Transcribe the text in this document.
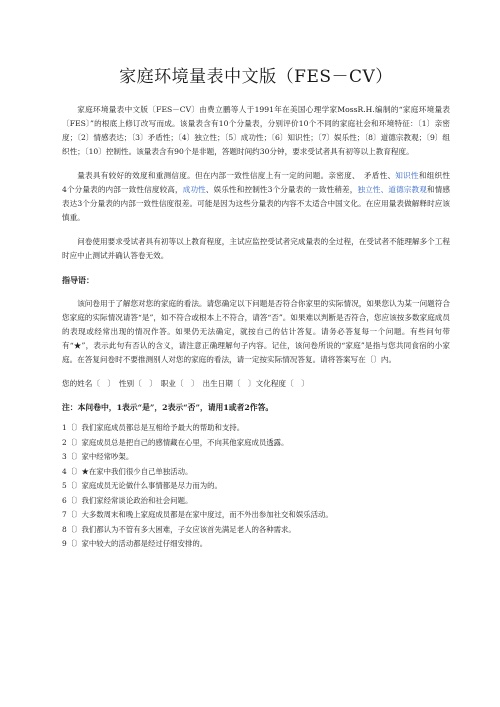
家庭环境量表中文版（FES－CV）

家庭环境量表中文版〔FES－CV〕由费立鹏等人于1991年在美国心理学家MossR.H.编制的“家庭环境量表〔FES〕”的根底上修订改写而成。该量表含有10个分量表，分别评价10个不同的家庭社会和环境特征：〔1〕亲密度；〔2〕情感表达；〔3〕矛盾性；〔4〕独立性；〔5〕成功性；〔6〕知识性；〔7〕娱乐性；〔8〕道德宗教观；〔9〕组织性；〔10〕控制性。该量表含有90个是非题，答题时间约30分钟，要求受试者具有初等以上教育程度。

量表具有较好的效度和重测信度。但在内部一致性信度上有一定的问题。亲密度、　矛盾性、知识性和组织性　4个分量表的内部一致性信度较高，成功性、娱乐性和控制性3个分量表的一致性稍差，独立性、道德宗教观和情感表达3个分量表的内部一致性信度很差。可能是因为这些分量表的内容不太适合中国文化。在应用量表做解释时应该慎重。

问卷使用要求受试者具有初等以上教育程度，主试应监控受试者完成量表的全过程，在受试者不能理解多个工程时应中止测试并确认答卷无效。

指导语：

该问卷用于了解您对您的家庭的看法。请您确定以下问题是否符合你家里的实际情况，如果您认为某一问题符合您家庭的实际情况请答“是”，如不符合或根本上不符合，请答“否”。如果难以判断是否符合，您应该按多数家庭成员的表现或经常出现的情况作答。如果仍无法确定，就按自己的估计答复。请务必答复每一个问题。有些问句带有“★”，表示此句有否认的含义，请注意正确理解句子内容。记住，该问卷所说的“家庭”是指与您共同食宿的小家庭。在答复问卷时不要推测别人对您的家庭的看法，请一定按实际情况答复。请将答案写在〔〕内。

您的姓名〔　〕　性别〔　〕　职业〔　〕　出生日期〔　〕文化程度〔　〕
注：本问卷中，1表示“是”，2表示“否”，请用1或者2作答。
1〔〕我们家庭成员都总是互相给予最大的帮助和支持。
2〔〕家庭成员总是把自己的感情藏在心里，不向其他家庭成员透露。
3〔〕家中经常吵架。
4〔〕★在家中我们很少自己单独活动。
5〔〕家庭成员无论做什么事情都是尽力而为的。
6〔〕我们家经常谈论政治和社会问题。
7〔〕大多数周末和晚上家庭成员都是在家中度过，而不外出参加社交和娱乐活动。
8〔〕我们都认为不管有多大困难，子女应该首先满足老人的各种需求。
9〔〕家中较大的活动都是经过仔细安排的。
